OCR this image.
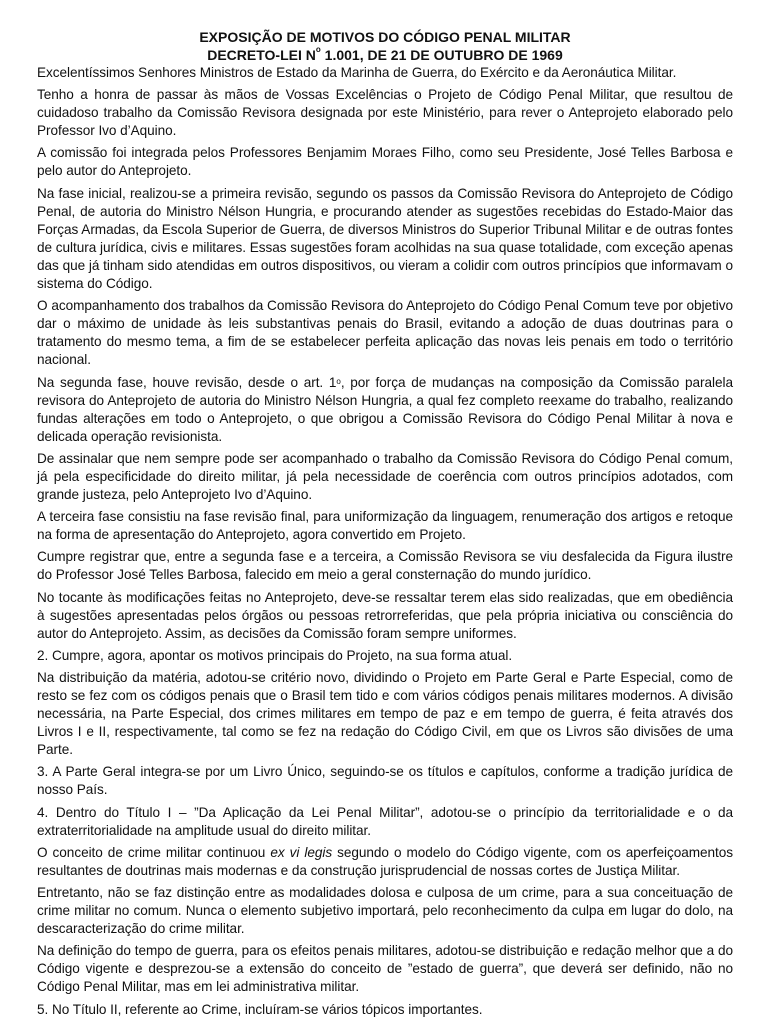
EXPOSIÇÃO DE MOTIVOS DO CÓDIGO PENAL MILITAR
DECRETO-LEI $N^o$ 1.001, DE 21 DE OUTUBRO DE 1969

Excelentíssimos Senhores Ministros de Estado da Marinha de Guerra, do Exército e da Aeronáutica Militar.

Tenho a honra de passar às mãos de Vossas Excelências o Projeto de Código Penal Militar, que resultou de cuidadoso trabalho da Comissão Revisora designada por este Ministério, para rever o Anteprojeto elaborado pelo Professor Ivo d’Aquino.

A comissão foi integrada pelos Professores Benjamim Moraes Filho, como seu Presidente, José Telles Barbosa e pelo autor do Anteprojeto.

Na fase inicial, realizou-se a primeira revisão, segundo os passos da Comissão Revisora do Anteprojeto de Código Penal, de autoria do Ministro Nélson Hungria, e procurando atender as sugestões recebidas do Estado-Maior das Forças Armadas, da Escola Superior de Guerra, de diversos Ministros do Superior Tribunal Militar e de outras fontes de cultura jurídica, civis e militares. Essas sugestões foram acolhidas na sua quase totalidade, com exceção apenas das que já tinham sido atendidas em outros dispositivos, ou vieram a colidir com outros princípios que informavam o sistema do Código.

O acompanhamento dos trabalhos da Comissão Revisora do Anteprojeto do Código Penal Comum teve por objetivo dar o máximo de unidade às leis substantivas penais do Brasil, evitando a adoção de duas doutrinas para o tratamento do mesmo tema, a fim de se estabelecer perfeita aplicação das novas leis penais em todo o território nacional.

Na segunda fase, houve revisão, desde o art. 1$^o$, por força de mudanças na composição da Comissão paralela revisora do Anteprojeto de autoria do Ministro Nélson Hungria, a qual fez completo reexame do trabalho, realizando fundas alterações em todo o Anteprojeto, o que obrigou a Comissão Revisora do Código Penal Militar à nova e delicada operação revisionista.

De assinalar que nem sempre pode ser acompanhado o trabalho da Comissão Revisora do Código Penal comum, já pela especificidade do direito militar, já pela necessidade de coerência com outros princípios adotados, com grande justeza, pelo Anteprojeto Ivo d’Aquino.

A terceira fase consistiu na fase revisão final, para uniformização da linguagem, renumeração dos artigos e retoque na forma de apresentação do Anteprojeto, agora convertido em Projeto.

Cumpre registrar que, entre a segunda fase e a terceira, a Comissão Revisora se viu desfalecida da Figura ilustre do Professor José Telles Barbosa, falecido em meio a geral consternação do mundo jurídico.

No tocante às modificações feitas no Anteprojeto, deve-se ressaltar terem elas sido realizadas, que em obediência à sugestões apresentadas pelos órgãos ou pessoas retrorreferidas, que pela própria iniciativa ou consciência do autor do Anteprojeto. Assim, as decisões da Comissão foram sempre uniformes.

2. Cumpre, agora, apontar os motivos principais do Projeto, na sua forma atual.

Na distribuição da matéria, adotou-se critério novo, dividindo o Projeto em Parte Geral e Parte Especial, como de resto se fez com os códigos penais que o Brasil tem tido e com vários códigos penais militares modernos. A divisão necessária, na Parte Especial, dos crimes militares em tempo de paz e em tempo de guerra, é feita através dos Livros I e II, respectivamente, tal como se fez na redação do Código Civil, em que os Livros são divisões de uma Parte.

3. A Parte Geral integra-se por um Livro Único, seguindo-se os títulos e capítulos, conforme a tradição jurídica de nosso País.

4. Dentro do Título I – ”Da Aplicação da Lei Penal Militar”, adotou-se o princípio da territorialidade e o da extraterritorialidade na amplitude usual do direito militar.

O conceito de crime militar continuou ex vi legis segundo o modelo do Código vigente, com os aperfeiçoamentos resultantes de doutrinas mais modernas e da construção jurisprudencial de nossas cortes de Justiça Militar.

Entretanto, não se faz distinção entre as modalidades dolosa e culposa de um crime, para a sua conceituação de crime militar no comum. Nunca o elemento subjetivo importará, pelo reconhecimento da culpa em lugar do dolo, na descaracterização do crime militar.

Na definição do tempo de guerra, para os efeitos penais militares, adotou-se distribuição e redação melhor que a do Código vigente e desprezou-se a extensão do conceito de ”estado de guerra”, que deverá ser definido, não no Código Penal Militar, mas em lei administrativa militar.

5. No Título II, referente ao Crime, incluíram-se vários tópicos importantes.
